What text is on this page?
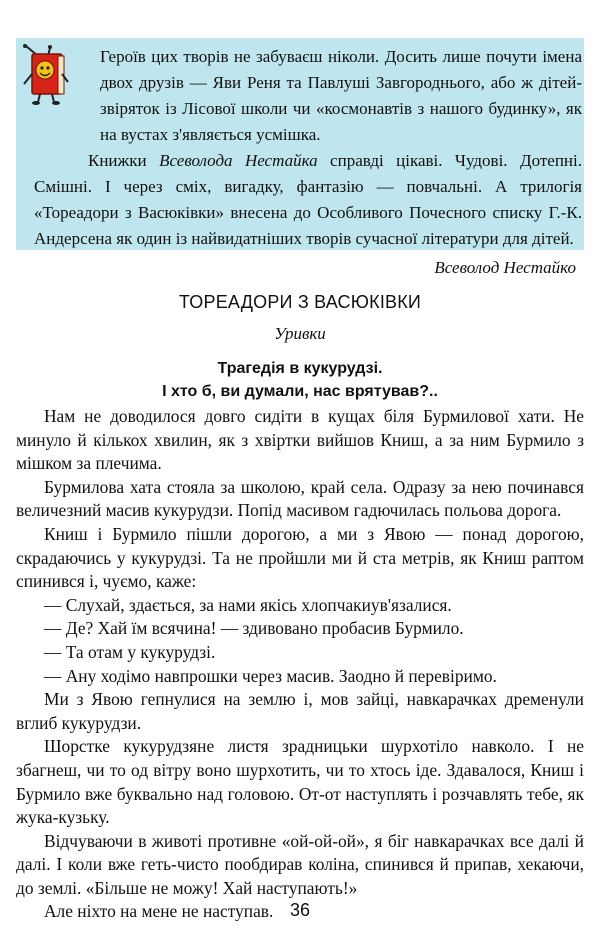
Героїв цих творів не забуваєш ніколи. Досить лише почути імена двох друзів — Яви Реня та Павлуші Завгороднього, або ж дітей-звіряток із Лісової школи чи «космонавтів з нашого будинку», як на вустах з'являється усмішка.

Книжки Всеволода Нестайка справді цікаві. Чудові. Дотепні. Смішні. І через сміх, вигадку, фантазію — повчальні. А трилогія «Тореадори з Васюківки» внесена до Особливого Почесного списку Г.-К. Андерсена як один із найвидатніших творів сучасної літератури для дітей.

Всеволод Нестайко
ТОРЕАДОРИ З ВАСЮКІВКИ
Уривки
Трагедія в кукурудзі.
І хто б, ви думали, нас врятував?..

Нам не доводилося довго сидіти в кущах біля Бурмилової хати. Не минуло й кількох хвилин, як з хвіртки вийшов Книш, а за ним Бурмило з мішком за плечима.

Бурмилова хата стояла за школою, край села. Одразу за нею починався величезний масив кукурудзи. Попід масивом гадючилась польова дорога.

Книш і Бурмило пішли дорогою, а ми з Явою — понад дорогою, скрадаючись у кукурудзі. Та не пройшли ми й ста метрів, як Книш раптом спинився і, чуємо, каже:

— Слухай, здається, за нами якісь хлопчакиув'язалися.

— Де? Хай їм всячина! — здивовано пробасив Бурмило.

— Та отам у кукурудзі.

— Ану ходімо навпрошки через масив. Заодно й перевіримо.

Ми з Явою гепнулися на землю і, мов зайці, навкарачках дременули вглиб кукурудзи.

Шорстке кукурудзяне листя зрадницьки шурхотіло навколо. І не збагнеш, чи то од вітру воно шурхотить, чи то хтось іде. Здавалося, Книш і Бурмило вже буквально над головою. От-от наступлять і розчавлять тебе, як жука-кузьку.

Відчуваючи в животі противне «ой-ой-ой», я біг навкарачках все далі й далі. І коли вже геть-чисто пообдирав коліна, спинився й припав, хекаючи, до землі. «Більше не можу! Хай наступають!»

Але ніхто на мене не наступав. 36
